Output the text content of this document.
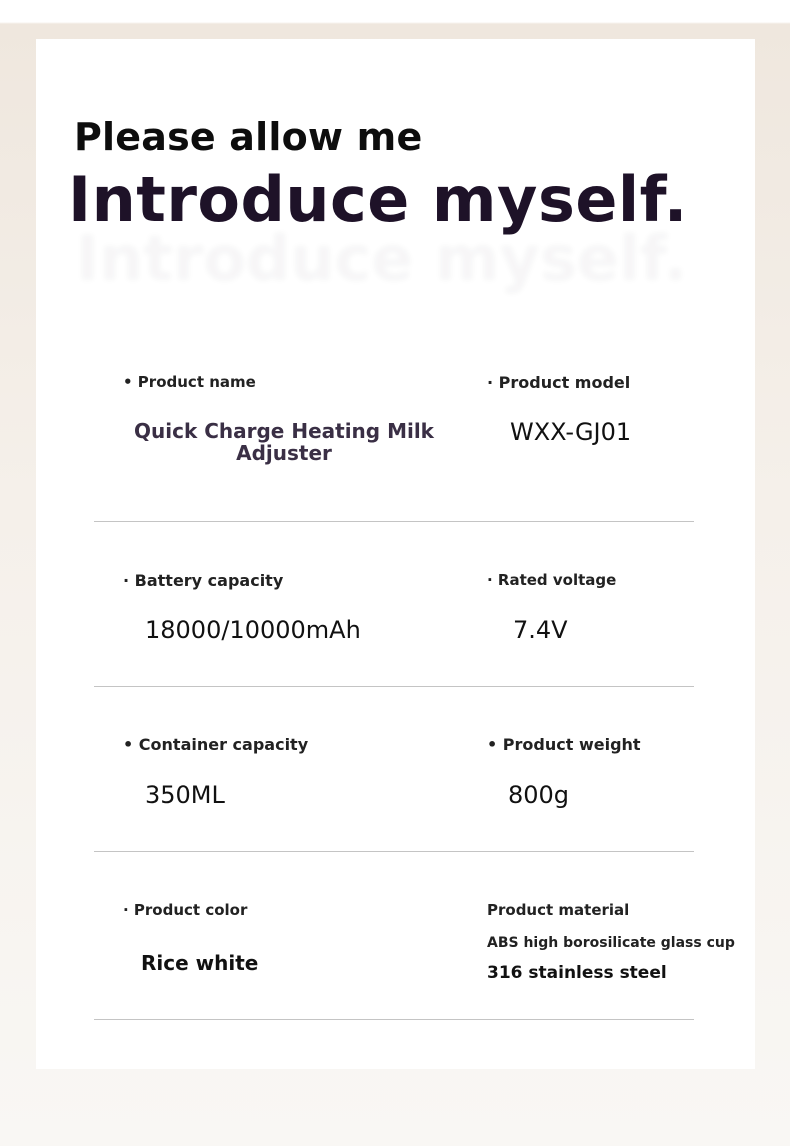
Please allow me
Introduce myself.
• Product name
Quick Charge Heating Milk Adjuster
· Product model
WXX-GJ01
· Battery capacity
18000/10000mAh
· Rated voltage
7.4V
• Container capacity
350ML
• Product weight
800g
· Product color
Rice white
Product material
ABS high borosilicate glass cup
316 stainless steel
